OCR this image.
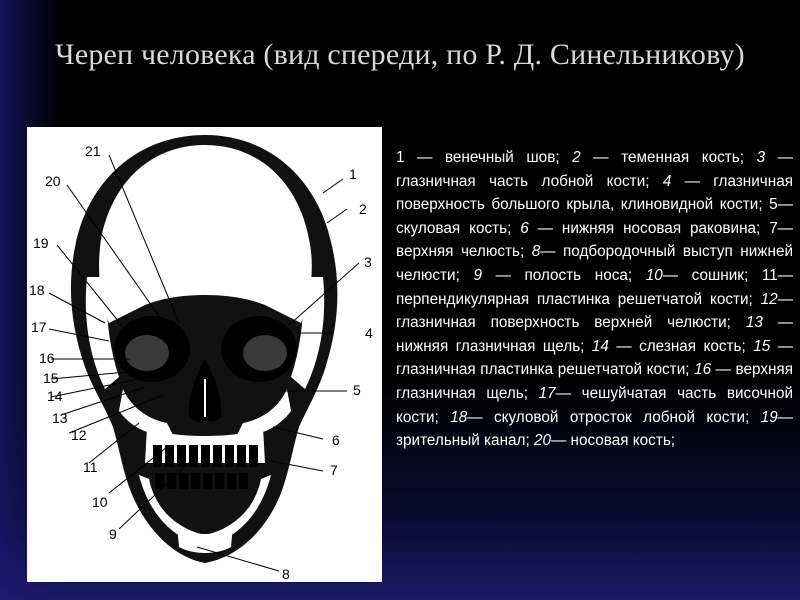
Череп человека (вид спереди, по Р. Д. Синельникову)
21
20
19
18
17
16
15
14
13
12
11
10
9
8
1
2
3
4
5
6
7
1 — венечный шов; 2 — теменная кость; 3 — глазничная часть лобной кости; 4 — глазничная поверхность большого крыла, клиновидной кости; 5— скуловая кость; 6 — нижняя носовая раковина; 7— верхняя челюсть; 8— подбородочный выступ нижней челюсти; 9 — полость носа; 10— сошник; 11— перпендикулярная пластинка решетчатой кости; 12— глазничная поверхность верхней челюсти; 13 — нижняя глазничная щель; 14 — слезная кость; 15 — глазничная пластинка решетчатой кости; 16 — верхняя глазничная щель; 17— чешуйчатая часть височной кости; 18— скуловой отросток лобной кости; 19— зрительный канал; 20— носовая кость;
